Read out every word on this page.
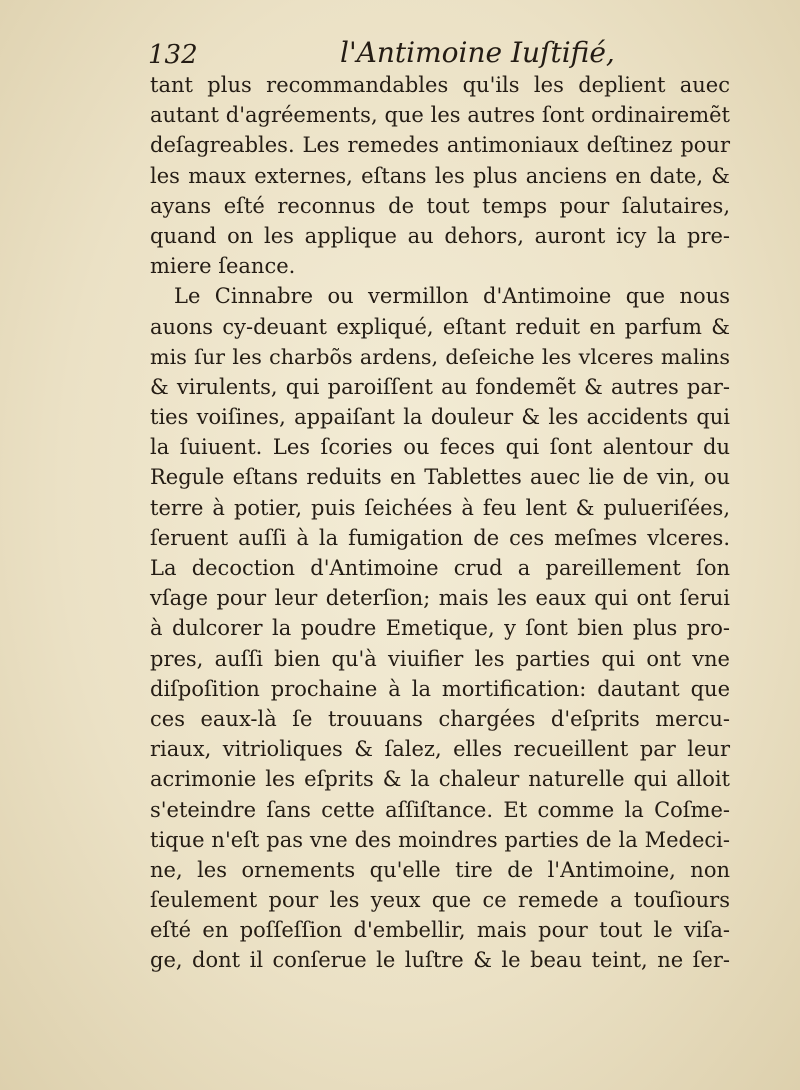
132	l'Antimoine Iuſtifié,
tant plus recommandables qu'ils les deplient auec
autant d'agréements, que les autres ſont ordinairemẽt
deſagreables. Les remedes antimoniaux deſtinez pour
les maux externes, eſtans les plus anciens en date, &
ayans eſté reconnus de tout temps pour ſalutaires,
quand on les applique au dehors, auront icy la pre-
miere ſeance.
Le Cinnabre ou vermillon d'Antimoine que nous
auons cy-deuant expliqué, eſtant reduit en parfum &
mis ſur les charbõs ardens, deſeiche les vlceres malins
& virulents, qui paroiſſent au fondemẽt & autres par-
ties voiſines, appaiſant la douleur & les accidents qui
la ſuiuent. Les ſcories ou feces qui ſont alentour du
Regule eſtans reduits en Tablettes auec lie de vin, ou
terre à potier, puis ſeichées à feu lent & pulueriſées,
ſeruent auſſi à la fumigation de ces meſmes vlceres.
La decoction d'Antimoine crud a pareillement ſon
vſage pour leur deterſion; mais les eaux qui ont ſerui
à dulcorer la poudre Emetique, y ſont bien plus pro-
pres, auſſi bien qu'à viuifier les parties qui ont vne
diſpoſition prochaine à la mortification: dautant que
ces eaux-là ſe trouuans chargées d'eſprits mercu-
riaux, vitrioliques & ſalez, elles recueillent par leur
acrimonie les eſprits & la chaleur naturelle qui alloit
s'eteindre ſans cette aſſiſtance. Et comme la Coſme-
tique n'eſt pas vne des moindres parties de la Medeci-
ne, les ornements qu'elle tire de l'Antimoine, non
ſeulement pour les yeux que ce remede a touſiours
eſté en poſſeſſion d'embellir, mais pour tout le viſa-
ge, dont il conſerue le luſtre & le beau teint, ne ſer-
